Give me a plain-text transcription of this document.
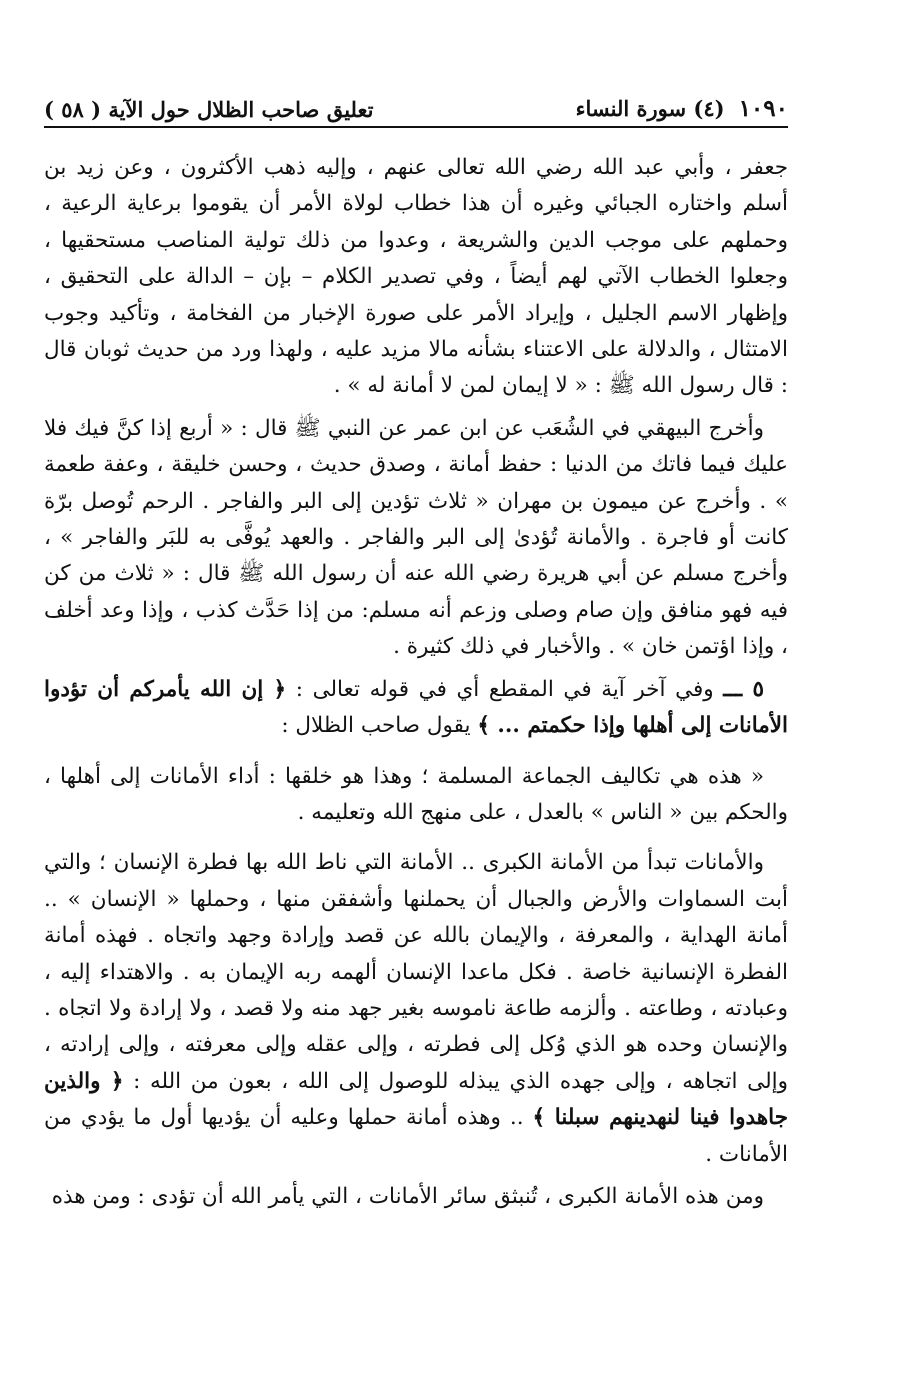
١٠٩٠
(٤) سورة النساء
تعليق صاحب الظلال حول الآية ( ٥٨ )

جعفر ، وأبي عبد الله رضي الله تعالى عنهم ، وإليه ذهب الأكثرون ، وعن زيد بن أسلم واختاره الجبائي وغيره أن هذا خطاب لولاة الأمر أن يقوموا برعاية الرعية ، وحملهم على موجب الدين والشريعة ، وعدوا من ذلك تولية المناصب مستحقيها ، وجعلوا الخطاب الآتي لهم أيضاً ، وفي تصدير الكلام – بإن – الدالة على التحقيق ، وإظهار الاسم الجليل ، وإيراد الأمر على صورة الإخبار من الفخامة ، وتأكيد وجوب الامتثال ، والدلالة على الاعتناء بشأنه مالا مزيد عليه ، ولهذا ورد من حديث ثوبان قال : قال رسول الله ﷺ : « لا إيمان لمن لا أمانة له » .

وأخرج البيهقي في الشُعَب عن ابن عمر عن النبي ﷺ قال : « أربع إذا كنَّ فيك فلا عليك فيما فاتك من الدنيا : حفظ أمانة ، وصدق حديث ، وحسن خليقة ، وعفة طعمة » . وأخرج عن ميمون بن مهران « ثلاث تؤدين إلى البر والفاجر . الرحم تُوصل برّة كانت أو فاجرة . والأمانة تُؤدىٰ إلى البر والفاجر . والعهد يُوفَّى به للبَر والفاجر » ، وأخرج مسلم عن أبي هريرة رضي الله عنه أن رسول الله ﷺ قال : « ثلاث من كن فيه فهو منافق وإن صام وصلى وزعم أنه مسلم: من إذا حَدَّث كذب ، وإذا وعد أخلف ، وإذا اؤتمن خان » . والأخبار في ذلك كثيرة .

٥ ـــ وفي آخر آية في المقطع أي في قوله تعالى : ﴿ إن الله يأمركم أن تؤدوا الأمانات إلى أهلها وإذا حكمتم ... ﴾ يقول صاحب الظلال :

« هذه هي تكاليف الجماعة المسلمة ؛ وهذا هو خلقها : أداء الأمانات إلى أهلها ، والحكم بين « الناس » بالعدل ، على منهج الله وتعليمه .

والأمانات تبدأ من الأمانة الكبرى .. الأمانة التي ناط الله بها فطرة الإنسان ؛ والتي أبت السماوات والأرض والجبال أن يحملنها وأشفقن منها ، وحملها « الإنسان » .. أمانة الهداية ، والمعرفة ، والإيمان بالله عن قصد وإرادة وجهد واتجاه . فهذه أمانة الفطرة الإنسانية خاصة . فكل ماعدا الإنسان ألهمه ربه الإيمان به . والاهتداء إليه ، وعبادته ، وطاعته . وألزمه طاعة ناموسه بغير جهد منه ولا قصد ، ولا إرادة ولا اتجاه . والإنسان وحده هو الذي وُكل إلى فطرته ، وإلى عقله وإلى معرفته ، وإلى إرادته ، وإلى اتجاهه ، وإلى جهده الذي يبذله للوصول إلى الله ، بعون من الله : ﴿ والذين جاهدوا فينا لنهدينهم سبلنا ﴾ .. وهذه أمانة حملها وعليه أن يؤديها أول ما يؤدي من الأمانات .

ومن هذه الأمانة الكبرى ، تُنبثق سائر الأمانات ، التي يأمر الله أن تؤدى : ومن هذه
